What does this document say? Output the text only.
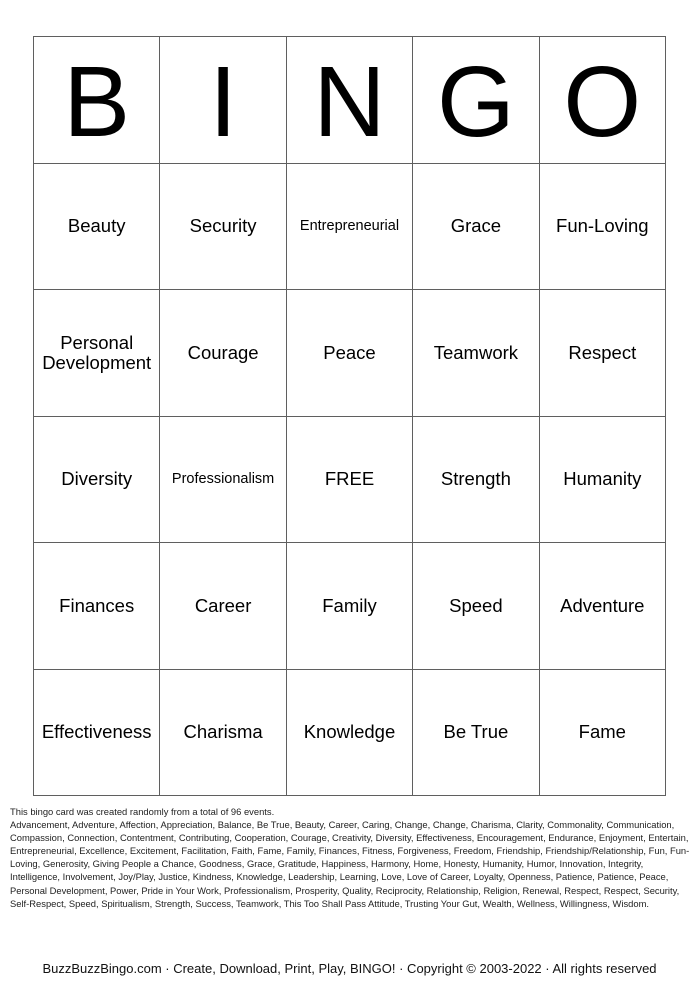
B I N G O
Beauty	Security	Entrepreneurial	Grace	Fun-Loving
Personal Development	Courage	Peace	Teamwork	Respect
Diversity	Professionalism	FREE	Strength	Humanity
Finances	Career	Family	Speed	Adventure
Effectiveness	Charisma	Knowledge	Be True	Fame

This bingo card was created randomly from a total of 96 events.

Advancement, Adventure, Affection, Appreciation, Balance, Be True, Beauty, Career, Caring, Change, Change, Charisma, Clarity, Commonality, Communication, Compassion, Connection, Contentment, Contributing, Cooperation, Courage, Creativity, Diversity, Effectiveness, Encouragement, Endurance, Enjoyment, Entertain, Entrepreneurial, Excellence, Excitement, Facilitation, Faith, Fame, Family, Finances, Fitness, Forgiveness, Freedom, Friendship, Friendship/Relationship, Fun, Fun-Loving, Generosity, Giving People a Chance, Goodness, Grace, Gratitude, Happiness, Harmony, Home, Honesty, Humanity, Humor, Innovation, Integrity, Intelligence, Involvement, Joy/Play, Justice, Kindness, Knowledge, Leadership, Learning, Love, Love of Career, Loyalty, Openness, Patience, Patience, Peace, Personal Development, Power, Pride in Your Work, Professionalism, Prosperity, Quality, Reciprocity, Relationship, Religion, Renewal, Respect, Respect, Security, Self-Respect, Speed, Spiritualism, Strength, Success, Teamwork, This Too Shall Pass Attitude, Trusting Your Gut, Wealth, Wellness, Willingness, Wisdom.

BuzzBuzzBingo.com · Create, Download, Print, Play, BINGO! · Copyright © 2003-2022 · All rights reserved
